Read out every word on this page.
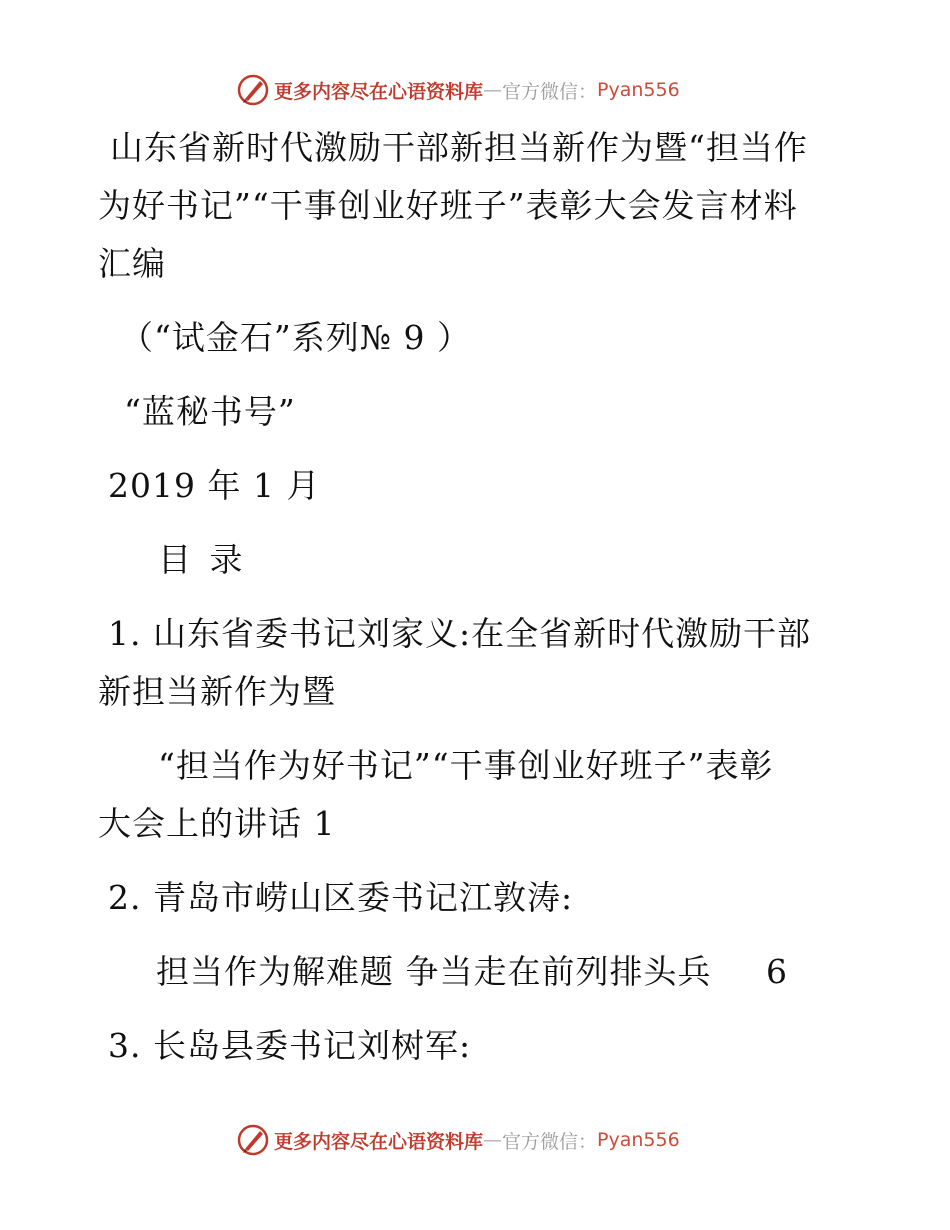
更多内容尽在心语资料库 — 官方微信： Pyan556
山东省新时代激励干部新担当新作为暨“担当作
为好书记”“干事创业好班子”表彰大会发言材料
汇编
（“试金石”系列№ 9 ）
“蓝秘书号”
2019 年 1 月
目 录
1. 山东省委书记刘家义:在全省新时代激励干部
新担当新作为暨
“担当作为好书记”“干事创业好班子”表彰
大会上的讲话 1
2. 青岛市崂山区委书记江敦涛:
担当作为解难题 争当走在前列排头兵 6
3. 长岛县委书记刘树军:
更多内容尽在心语资料库 — 官方微信： Pyan556
